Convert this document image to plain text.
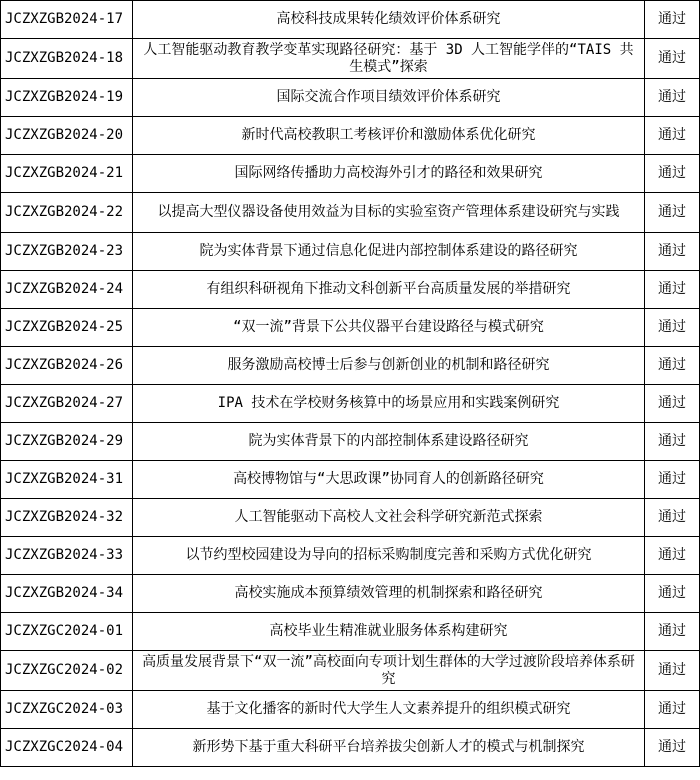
JCZXZGB2024-17	高校科技成果转化绩效评价体系研究	通过
JCZXZGB2024-18	人工智能驱动教育教学变革实现路径研究：基于 3D 人工智能学伴的“TAIS 共生模式”探索	通过
JCZXZGB2024-19	国际交流合作项目绩效评价体系研究	通过
JCZXZGB2024-20	新时代高校教职工考核评价和激励体系优化研究	通过
JCZXZGB2024-21	国际网络传播助力高校海外引才的路径和效果研究	通过
JCZXZGB2024-22	以提高大型仪器设备使用效益为目标的实验室资产管理体系建设研究与实践	通过
JCZXZGB2024-23	院为实体背景下通过信息化促进内部控制体系建设的路径研究	通过
JCZXZGB2024-24	有组织科研视角下推动文科创新平台高质量发展的举措研究	通过
JCZXZGB2024-25	“双一流”背景下公共仪器平台建设路径与模式研究	通过
JCZXZGB2024-26	服务激励高校博士后参与创新创业的机制和路径研究	通过
JCZXZGB2024-27	IPA 技术在学校财务核算中的场景应用和实践案例研究	通过
JCZXZGB2024-29	院为实体背景下的内部控制体系建设路径研究	通过
JCZXZGB2024-31	高校博物馆与“大思政课”协同育人的创新路径研究	通过
JCZXZGB2024-32	人工智能驱动下高校人文社会科学研究新范式探索	通过
JCZXZGB2024-33	以节约型校园建设为导向的招标采购制度完善和采购方式优化研究	通过
JCZXZGB2024-34	高校实施成本预算绩效管理的机制探索和路径研究	通过
JCZXZGC2024-01	高校毕业生精准就业服务体系构建研究	通过
JCZXZGC2024-02	高质量发展背景下“双一流”高校面向专项计划生群体的大学过渡阶段培养体系研究	通过
JCZXZGC2024-03	基于文化播客的新时代大学生人文素养提升的组织模式研究	通过
JCZXZGC2024-04	新形势下基于重大科研平台培养拔尖创新人才的模式与机制探究	通过
